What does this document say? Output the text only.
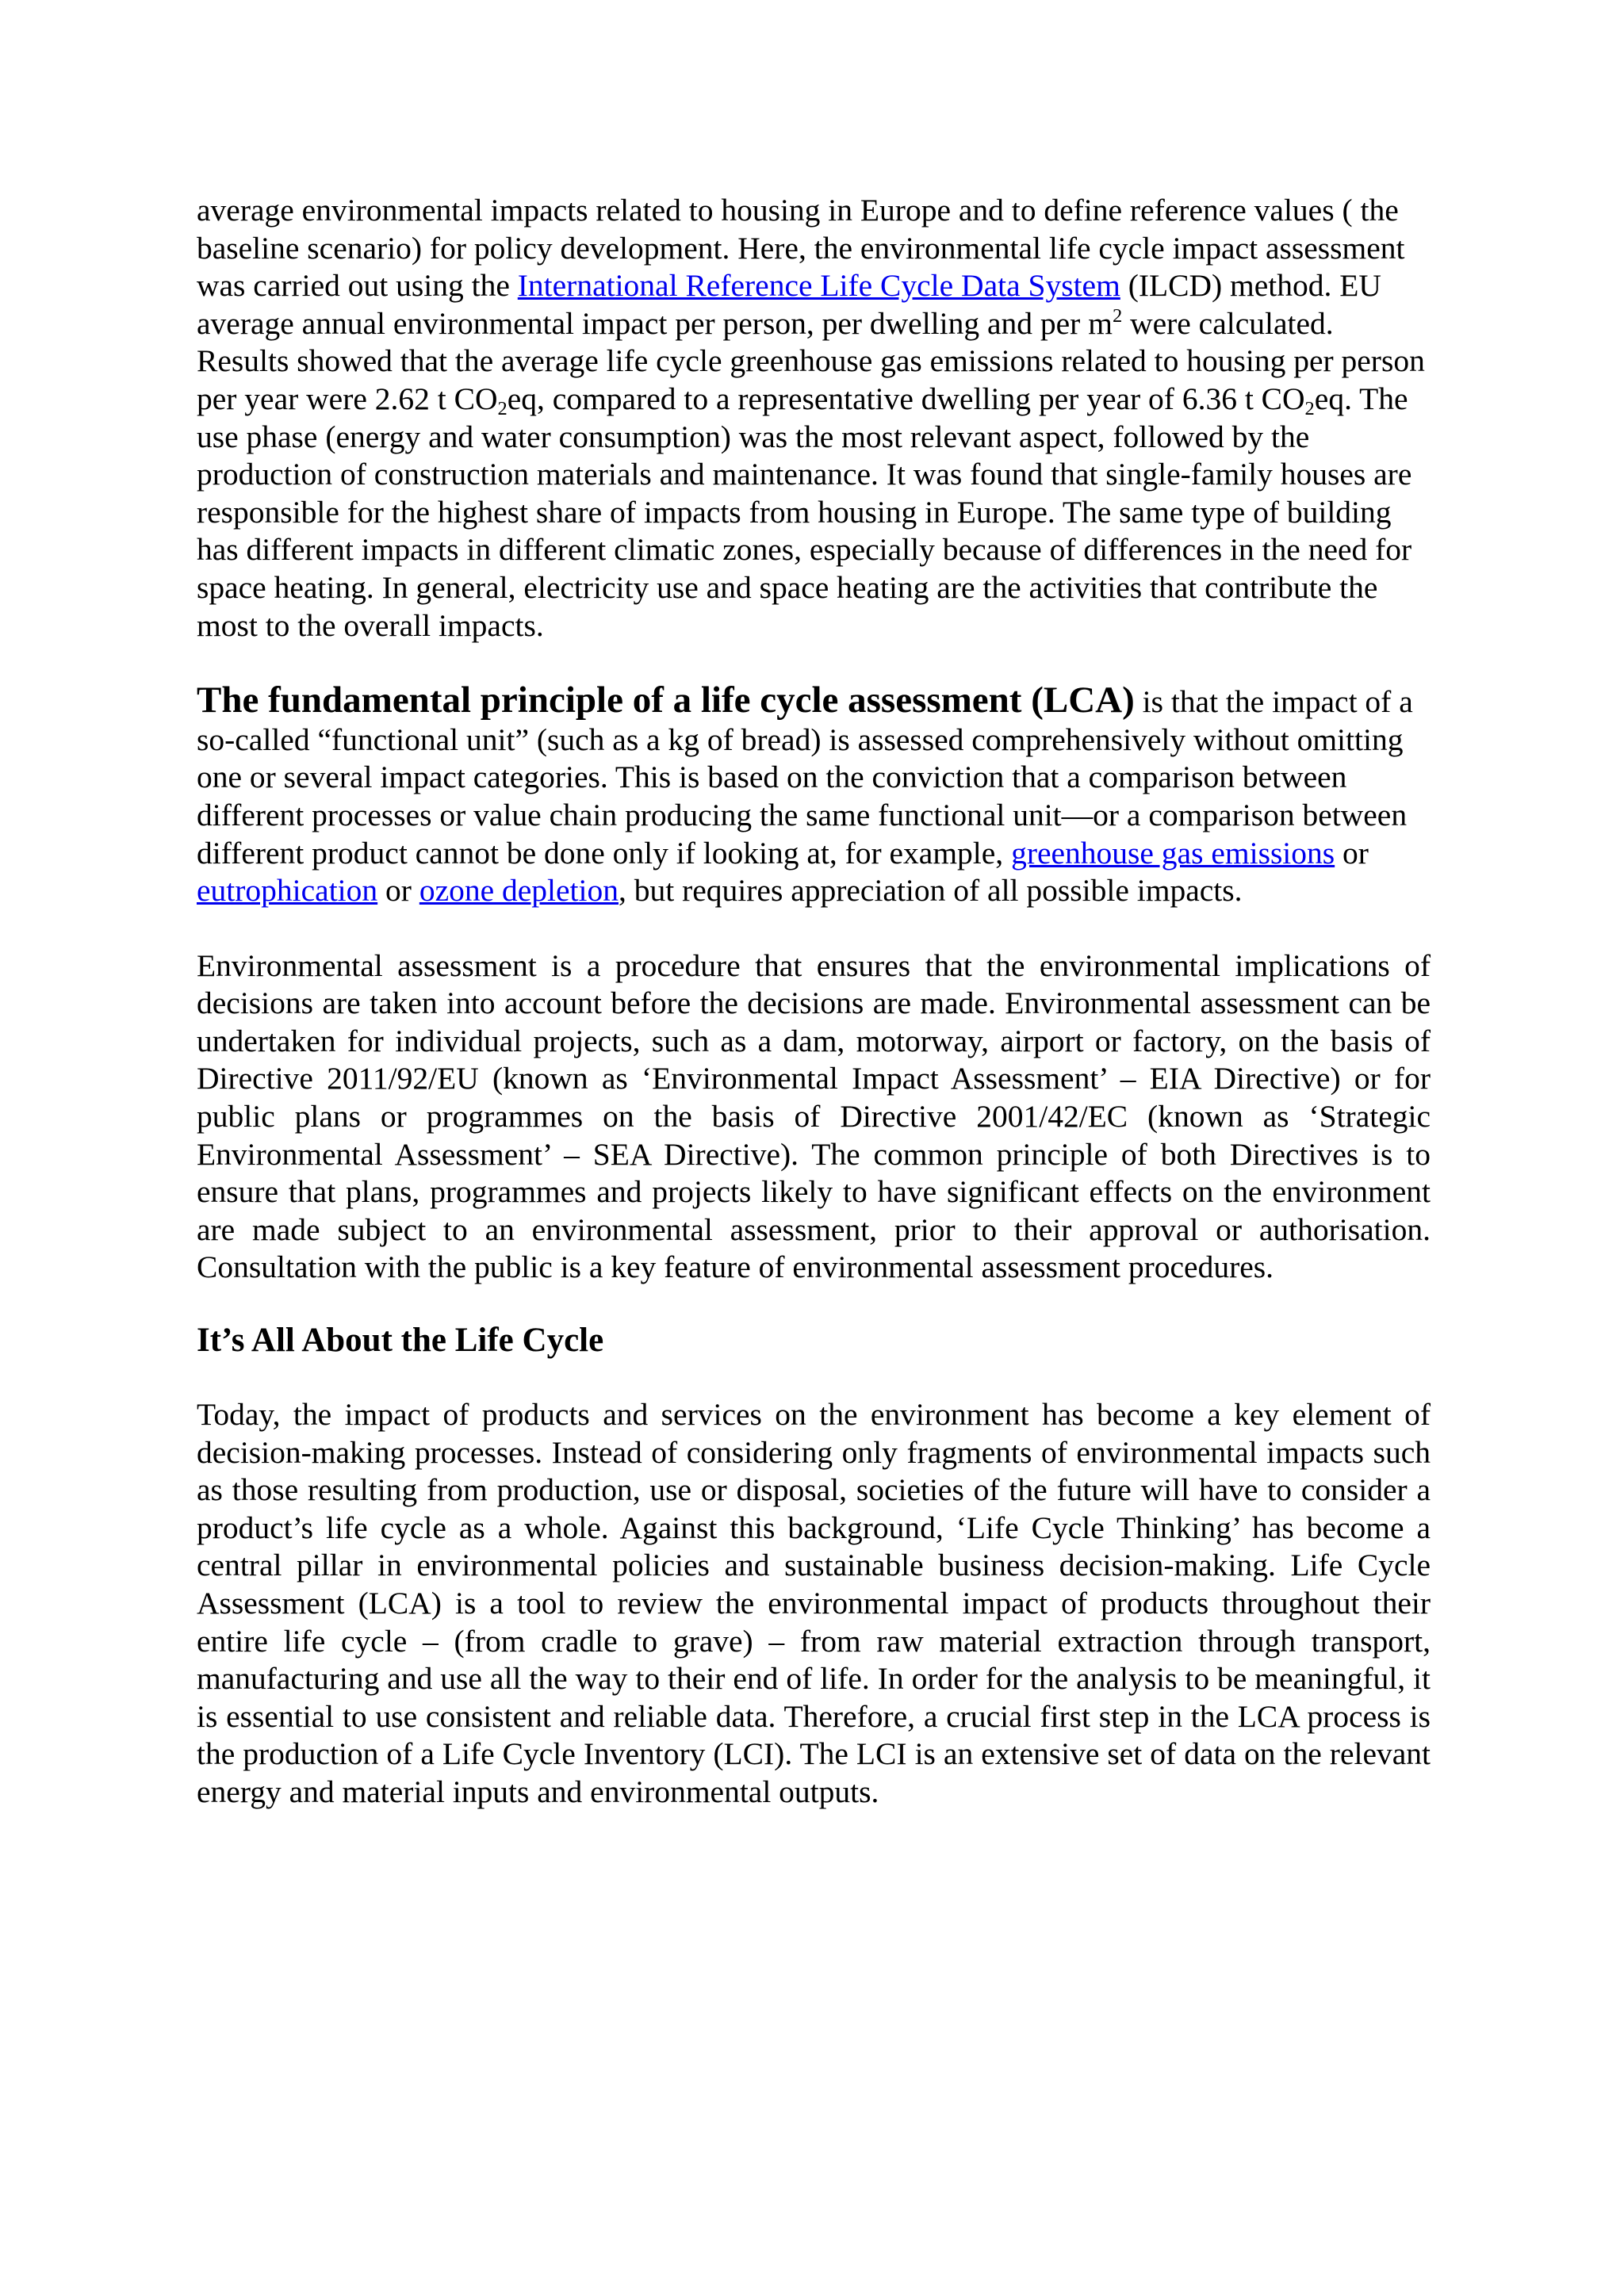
average environmental impacts related to housing in Europe and to define reference values ( the baseline scenario) for policy development. Here, the environmental life cycle impact assessment was carried out using the International Reference Life Cycle Data System (ILCD) method. EU average annual environmental impact per person, per dwelling and per $m^2$ were calculated. Results showed that the average life cycle greenhouse gas emissions related to housing per person per year were 2.62 t $CO_2eq$, compared to a representative dwelling per year of 6.36 t $CO_2eq$. The use phase (energy and water consumption) was the most relevant aspect, followed by the production of construction materials and maintenance. It was found that single-family houses are responsible for the highest share of impacts from housing in Europe. The same type of building has different impacts in different climatic zones, especially because of differences in the need for space heating. In general, electricity use and space heating are the activities that contribute the most to the overall impacts.

The fundamental principle of a life cycle assessment (LCA) is that the impact of a so-called “functional unit” (such as a kg of bread) is assessed comprehensively without omitting one or several impact categories. This is based on the conviction that a comparison between different processes or value chain producing the same functional unit—or a comparison between different product cannot be done only if looking at, for example, greenhouse gas emissions or eutrophication or ozone depletion, but requires appreciation of all possible impacts.

Environmental assessment is a procedure that ensures that the environmental implications of decisions are taken into account before the decisions are made. Environmental assessment can be undertaken for individual projects, such as a dam, motorway, airport or factory, on the basis of Directive 2011/92/EU (known as ‘Environmental Impact Assessment’ – EIA Directive) or for public plans or programmes on the basis of Directive 2001/42/EC (known as ‘Strategic Environmental Assessment’ – SEA Directive). The common principle of both Directives is to ensure that plans, programmes and projects likely to have significant effects on the environment are made subject to an environmental assessment, prior to their approval or authorisation. Consultation with the public is a key feature of environmental assessment procedures.

It’s All About the Life Cycle

Today, the impact of products and services on the environment has become a key element of decision-making processes. Instead of considering only fragments of environmental impacts such as those resulting from production, use or disposal, societies of the future will have to consider a product’s life cycle as a whole. Against this background, ‘Life Cycle Thinking’ has become a central pillar in environmental policies and sustainable business decision-making. Life Cycle Assessment (LCA) is a tool to review the environmental impact of products throughout their entire life cycle – (from cradle to grave) – from raw material extraction through transport, manufacturing and use all the way to their end of life. In order for the analysis to be meaningful, it is essential to use consistent and reliable data. Therefore, a crucial first step in the LCA process is the production of a Life Cycle Inventory (LCI). The LCI is an extensive set of data on the relevant energy and material inputs and environmental outputs.
